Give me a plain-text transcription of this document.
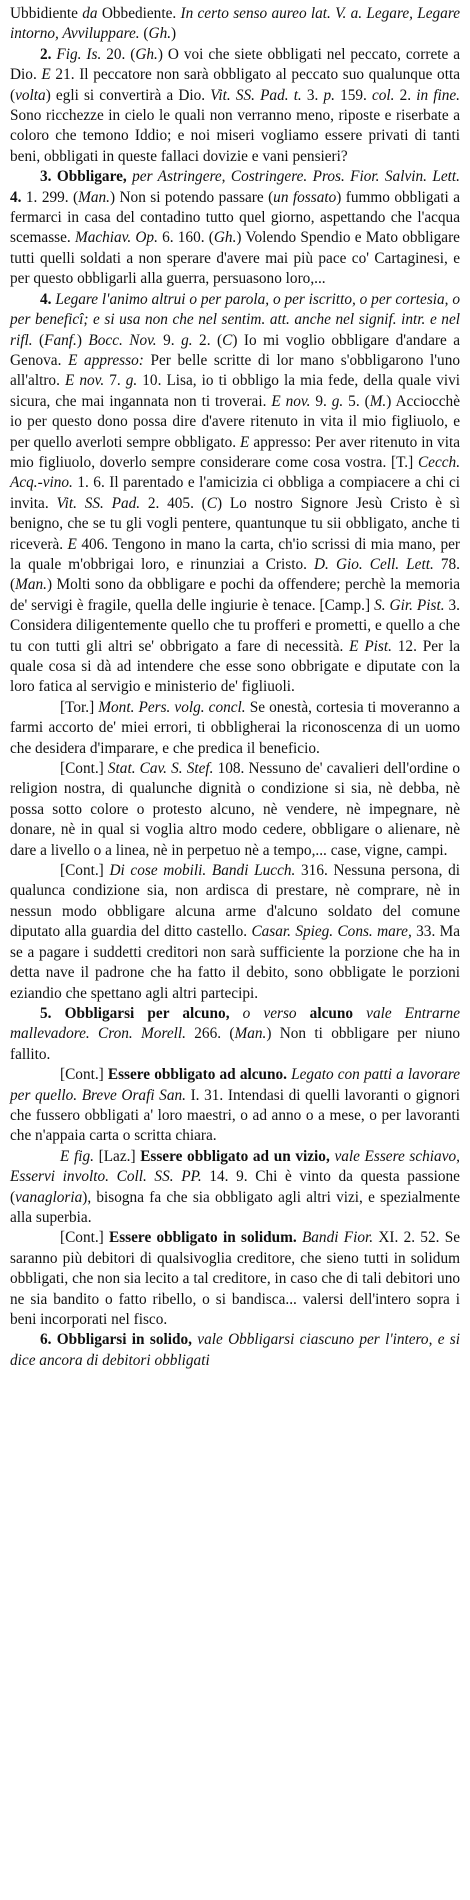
Ubbidiente da Obbediente. In certo senso aureo lat. V. a. Legare, Legare intorno, Avviluppare. (Gh.)

2. Fig. Is. 20. (Gh.) O voi che siete obbligati nel peccato, correte a Dio. E 21. Il peccatore non sarà obbligato al peccato suo qualunque otta (volta) egli si convertirà a Dio. Vit. SS. Pad. t. 3. p. 159. col. 2. in fine. Sono ricchezze in cielo le quali non verranno meno, riposte e riserbate a coloro che temono Iddio; e noi miseri vogliamo essere privati di tanti beni, obbligati in queste fallaci dovizie e vani pensieri?

3. Obbligare, per Astringere, Costringere. Pros. Fior. Salvin. Lett. 4. 1. 299. (Man.) Non si potendo passare (un fossato) fummo obbligati a fermarci in casa del contadino tutto quel giorno, aspettando che l'acqua scemasse. Machiav. Op. 6. 160. (Gh.) Volendo Spendio e Mato obbligare tutti quelli soldati a non sperare d'avere mai più pace co' Cartaginesi, e per questo obbligarli alla guerra, persuasono loro,...

4. Legare l'animo altrui o per parola, o per iscritto, o per cortesia, o per beneficî; e si usa non che nel sentim. att. anche nel signif. intr. e nel rifl. (Fanf.) Bocc. Nov. 9. g. 2. (C) Io mi voglio obbligare d'andare a Genova. E appresso: Per belle scritte di lor mano s'obbligarono l'uno all'altro. E nov. 7. g. 10. Lisa, io ti obbligo la mia fede, della quale vivi sicura, che mai ingannata non ti troverai. E nov. 9. g. 5. (M.) Acciocchè io per questo dono possa dire d'avere ritenuto in vita il mio figliuolo, e per quello averloti sempre obbligato. E appresso: Per aver ritenuto in vita mio figliuolo, doverlo sempre considerare come cosa vostra. [T.] Cecch. Acq.-vino. 1. 6. Il parentado e l'amicizia ci obbliga a compiacere a chi ci invita. Vit. SS. Pad. 2. 405. (C) Lo nostro Signore Jesù Cristo è sì benigno, che se tu gli vogli pentere, quantunque tu sii obbligato, anche ti riceverà. E 406. Tengono in mano la carta, ch'io scrissi di mia mano, per la quale m'obbrigai loro, e rinunziai a Cristo. D. Gio. Cell. Lett. 78. (Man.) Molti sono da obbligare e pochi da offendere; perchè la memoria de' servigi è fragile, quella delle ingiurie è tenace. [Camp.] S. Gir. Pist. 3. Considera diligentemente quello che tu profferi e prometti, e quello a che tu con tutti gli altri se' obbrigato a fare di necessità. E Pist. 12. Per la quale cosa si dà ad intendere che esse sono obbrigate e diputate con la loro fatica al servigio e ministerio de' figliuoli.

[Tor.] Mont. Pers. volg. concl. Se onestà, cortesia ti moveranno a farmi accorto de' miei errori, ti obbligherai la riconoscenza di un uomo che desidera d'imparare, e che predica il beneficio.

[Cont.] Stat. Cav. S. Stef. 108. Nessuno de' cavalieri dell'ordine o religion nostra, di qualunche dignità o condizione si sia, nè debba, nè possa sotto colore o protesto alcuno, nè vendere, nè impegnare, nè donare, nè in qual si voglia altro modo cedere, obbligare o alienare, nè dare a livello o a linea, nè in perpetuo nè a tempo,... case, vigne, campi.

[Cont.] Di cose mobili. Bandi Lucch. 316. Nessuna persona, di qualunca condizione sia, non ardisca di prestare, nè comprare, nè in nessun modo obbligare alcuna arme d'alcuno soldato del comune diputato alla guardia del ditto castello. Casar. Spieg. Cons. mare, 33. Ma se a pagare i suddetti creditori non sarà sufficiente la porzione che ha in detta nave il padrone che ha fatto il debito, sono obbligate le porzioni eziandio che spettano agli altri partecipi.

5. Obbligarsi per alcuno, o verso alcuno vale Entrarne mallevadore. Cron. Morell. 266. (Man.) Non ti obbligare per niuno fallito.

[Cont.] Essere obbligato ad alcuno. Legato con patti a lavorare per quello. Breve Orafi San. I. 31. Intendasi di quelli lavoranti o gignori che fussero obbligati a' loro maestri, o ad anno o a mese, o per lavoranti che n'appaia carta o scritta chiara.

E fig. [Laz.] Essere obbligato ad un vizio, vale Essere schiavo, Esservi involto. Coll. SS. PP. 14. 9. Chi è vinto da questa passione (vanagloria), bisogna fa che sia obbligato agli altri vizi, e spezialmente alla superbia.

[Cont.] Essere obbligato in solidum. Bandi Fior. XI. 2. 52. Se saranno più debitori di qualsivoglia creditore, che sieno tutti in solidum obbligati, che non sia lecito a tal creditore, in caso che di tali debitori uno ne sia bandito o fatto ribello, o si bandisca... valersi dell'intero sopra i beni incorporati nel fisco.

6. Obbligarsi in solido, vale Obbligarsi ciascuno per l'intero, e si dice ancora di debitori obbligati
